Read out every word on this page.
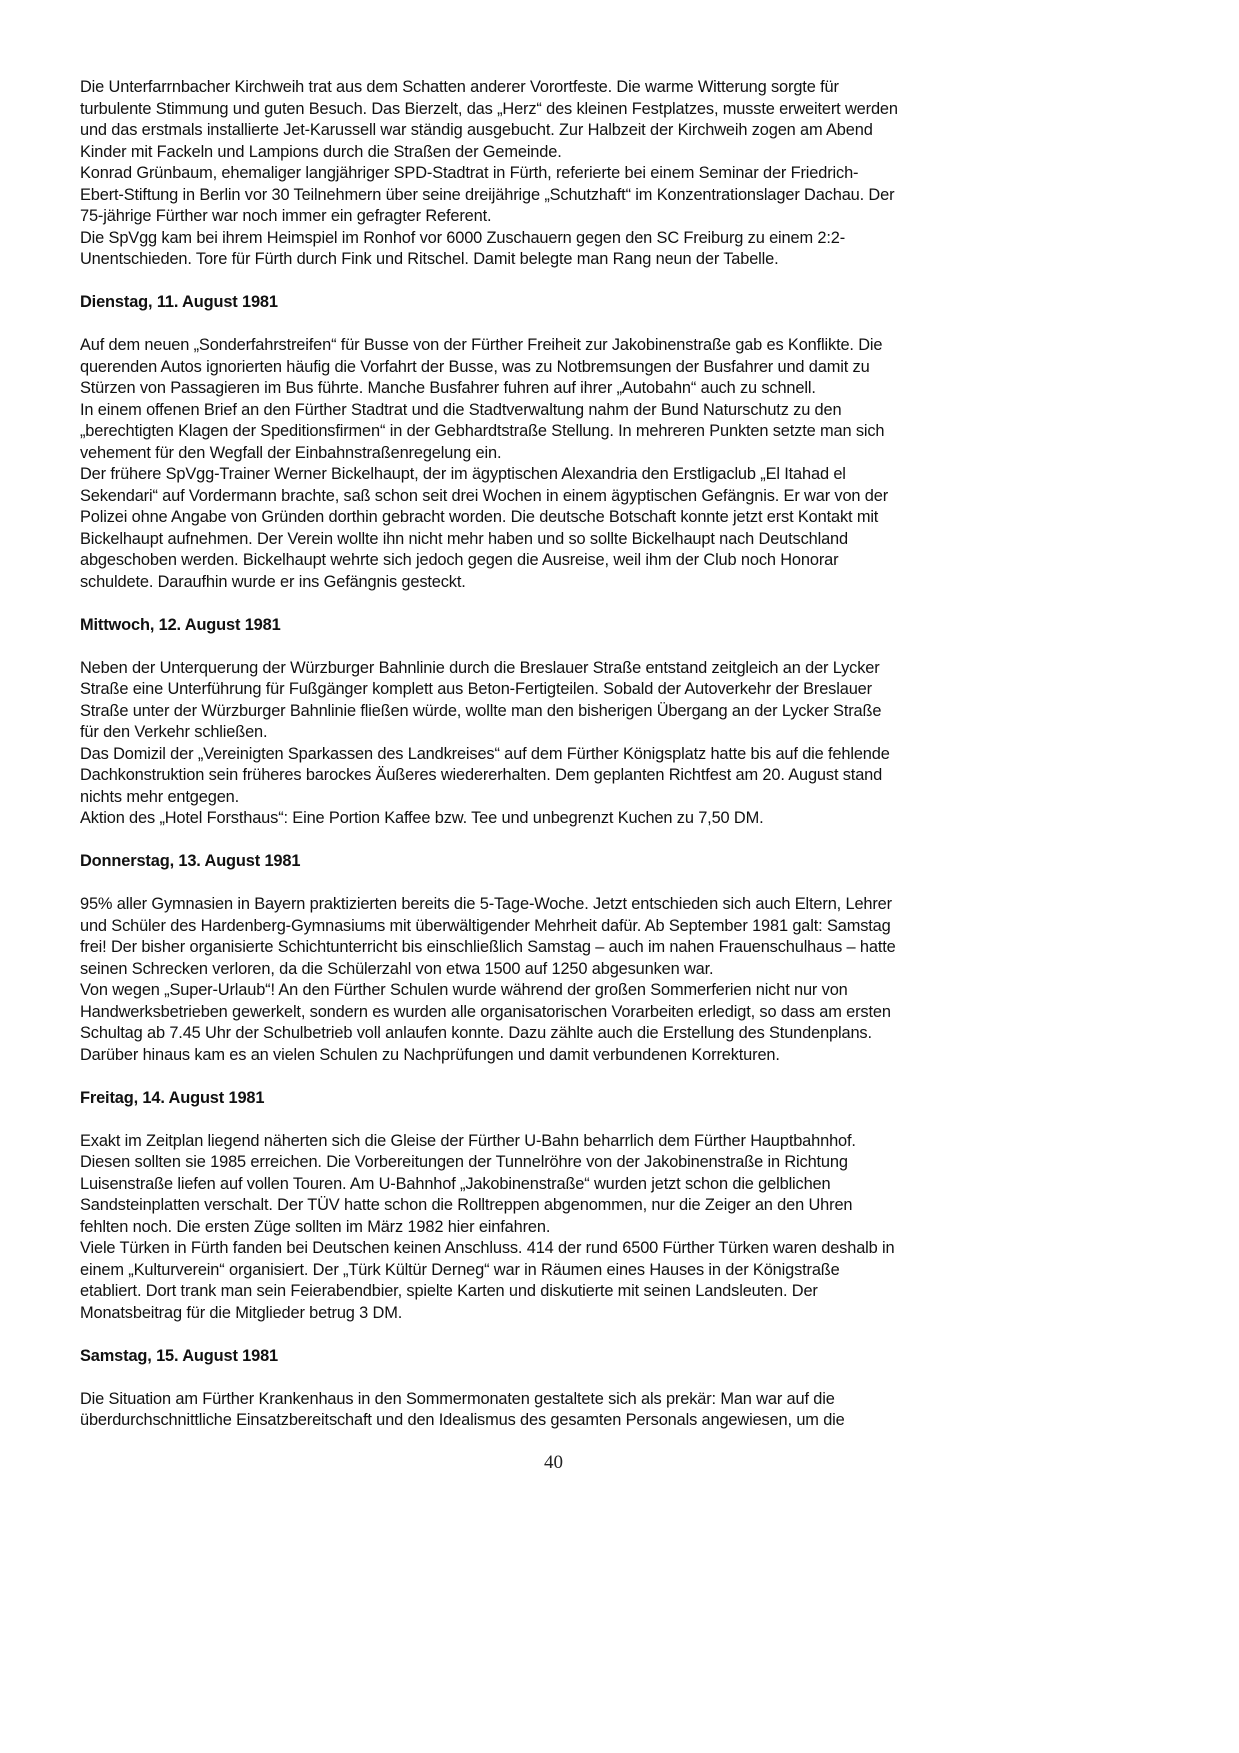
Die Unterfarrnbacher Kirchweih trat aus dem Schatten anderer Vorortfeste. Die warme Witterung sorgte für
turbulente Stimmung und guten Besuch. Das Bierzelt, das „Herz“ des kleinen Festplatzes, musste erweitert werden
und das erstmals installierte Jet-Karussell war ständig ausgebucht. Zur Halbzeit der Kirchweih zogen am Abend
Kinder mit Fackeln und Lampions durch die Straßen der Gemeinde.
Konrad Grünbaum, ehemaliger langjähriger SPD-Stadtrat in Fürth, referierte bei einem Seminar der Friedrich-
Ebert-Stiftung in Berlin vor 30 Teilnehmern über seine dreijährige „Schutzhaft“ im Konzentrationslager Dachau. Der
75-jährige Fürther war noch immer ein gefragter Referent.
Die SpVgg kam bei ihrem Heimspiel im Ronhof vor 6000 Zuschauern gegen den SC Freiburg zu einem 2:2-
Unentschieden. Tore für Fürth durch Fink und Ritschel. Damit belegte man Rang neun der Tabelle.
Dienstag, 11. August 1981
Auf dem neuen „Sonderfahrstreifen“ für Busse von der Fürther Freiheit zur Jakobinenstraße gab es Konflikte. Die
querenden Autos ignorierten häufig die Vorfahrt der Busse, was zu Notbremsungen der Busfahrer und damit zu
Stürzen von Passagieren im Bus führte. Manche Busfahrer fuhren auf ihrer „Autobahn“ auch zu schnell.
In einem offenen Brief an den Fürther Stadtrat und die Stadtverwaltung nahm der Bund Naturschutz zu den
„berechtigten Klagen der Speditionsfirmen“ in der Gebhardtstraße Stellung. In mehreren Punkten setzte man sich
vehement für den Wegfall der Einbahnstraßenregelung ein.
Der frühere SpVgg-Trainer Werner Bickelhaupt, der im ägyptischen Alexandria den Erstligaclub „El Itahad el
Sekendari“ auf Vordermann brachte, saß schon seit drei Wochen in einem ägyptischen Gefängnis. Er war von der
Polizei ohne Angabe von Gründen dorthin gebracht worden. Die deutsche Botschaft konnte jetzt erst Kontakt mit
Bickelhaupt aufnehmen. Der Verein wollte ihn nicht mehr haben und so sollte Bickelhaupt nach Deutschland
abgeschoben werden. Bickelhaupt wehrte sich jedoch gegen die Ausreise, weil ihm der Club noch Honorar
schuldete. Daraufhin wurde er ins Gefängnis gesteckt.
Mittwoch, 12. August 1981
Neben der Unterquerung der Würzburger Bahnlinie durch die Breslauer Straße entstand zeitgleich an der Lycker
Straße eine Unterführung für Fußgänger komplett aus Beton-Fertigteilen. Sobald der Autoverkehr der Breslauer
Straße unter der Würzburger Bahnlinie fließen würde, wollte man den bisherigen Übergang an der Lycker Straße
für den Verkehr schließen.
Das Domizil der „Vereinigten Sparkassen des Landkreises“ auf dem Fürther Königsplatz hatte bis auf die fehlende
Dachkonstruktion sein früheres barockes Äußeres wiedererhalten. Dem geplanten Richtfest am 20. August stand
nichts mehr entgegen.
Aktion des „Hotel Forsthaus“: Eine Portion Kaffee bzw. Tee und unbegrenzt Kuchen zu 7,50 DM.
Donnerstag, 13. August 1981
95% aller Gymnasien in Bayern praktizierten bereits die 5-Tage-Woche. Jetzt entschieden sich auch Eltern, Lehrer
und Schüler des Hardenberg-Gymnasiums mit überwältigender Mehrheit dafür. Ab September 1981 galt: Samstag
frei! Der bisher organisierte Schichtunterricht bis einschließlich Samstag – auch im nahen Frauenschulhaus – hatte
seinen Schrecken verloren, da die Schülerzahl von etwa 1500 auf 1250 abgesunken war.
Von wegen „Super-Urlaub“! An den Fürther Schulen wurde während der großen Sommerferien nicht nur von
Handwerksbetrieben gewerkelt, sondern es wurden alle organisatorischen Vorarbeiten erledigt, so dass am ersten
Schultag ab 7.45 Uhr der Schulbetrieb voll anlaufen konnte. Dazu zählte auch die Erstellung des Stundenplans.
Darüber hinaus kam es an vielen Schulen zu Nachprüfungen und damit verbundenen Korrekturen.
Freitag, 14. August 1981
Exakt im Zeitplan liegend näherten sich die Gleise der Fürther U-Bahn beharrlich dem Fürther Hauptbahnhof.
Diesen sollten sie 1985 erreichen. Die Vorbereitungen der Tunnelröhre von der Jakobinenstraße in Richtung
Luisenstraße liefen auf vollen Touren. Am U-Bahnhof „Jakobinenstraße“ wurden jetzt schon die gelblichen
Sandsteinplatten verschalt. Der TÜV hatte schon die Rolltreppen abgenommen, nur die Zeiger an den Uhren
fehlten noch. Die ersten Züge sollten im März 1982 hier einfahren.
Viele Türken in Fürth fanden bei Deutschen keinen Anschluss. 414 der rund 6500 Fürther Türken waren deshalb in
einem „Kulturverein“ organisiert. Der „Türk Kültür Derneg“ war in Räumen eines Hauses in der Königstraße
etabliert. Dort trank man sein Feierabendbier, spielte Karten und diskutierte mit seinen Landsleuten. Der
Monatsbeitrag für die Mitglieder betrug 3 DM.
Samstag, 15. August 1981
Die Situation am Fürther Krankenhaus in den Sommermonaten gestaltete sich als prekär: Man war auf die
überdurchschnittliche Einsatzbereitschaft und den Idealismus des gesamten Personals angewiesen, um die
40
